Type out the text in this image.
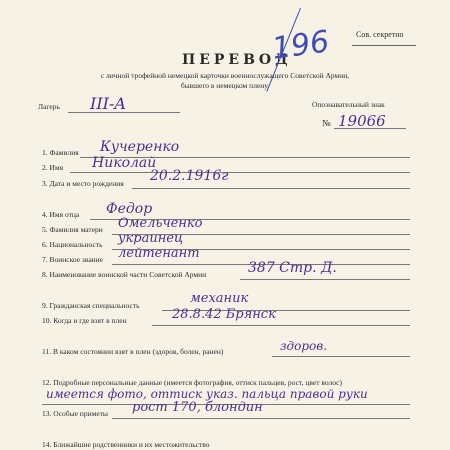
Сов. секретно
ПЕРЕВОД
с личной трофейной немецкой карточки военнослужащего Советской Армии,
бывшего в немецком плену.
196
Лагерь III-A	Опознавательный знак
№ 19066
1. Фамилия Кучеренко
2. Имя Николай
3. Дата и место рождения 20.2.1916г
4. Имя отца Федор
5. Фамилия матери Омельченко
6. Национальность украинец
7. Воинское звание лейтенант
8. Наименование воинской части Советской Армии	387 Стр. Д.
9. Гражданская специальность	механик
10. Когда и где взят в плен	28.8.42 Брянск
11. В каком состоянии взят в плен (здоров, болен, ранен)	здоров.
12. Подробные персональные данные (имеется фотография, оттиск пальцев, рост, цвет волос)
имеется фото, оттиск указ. пальца правой руки
13. Особые приметы рост 170, блондин
14. Ближайшие родственники и их местожительство
